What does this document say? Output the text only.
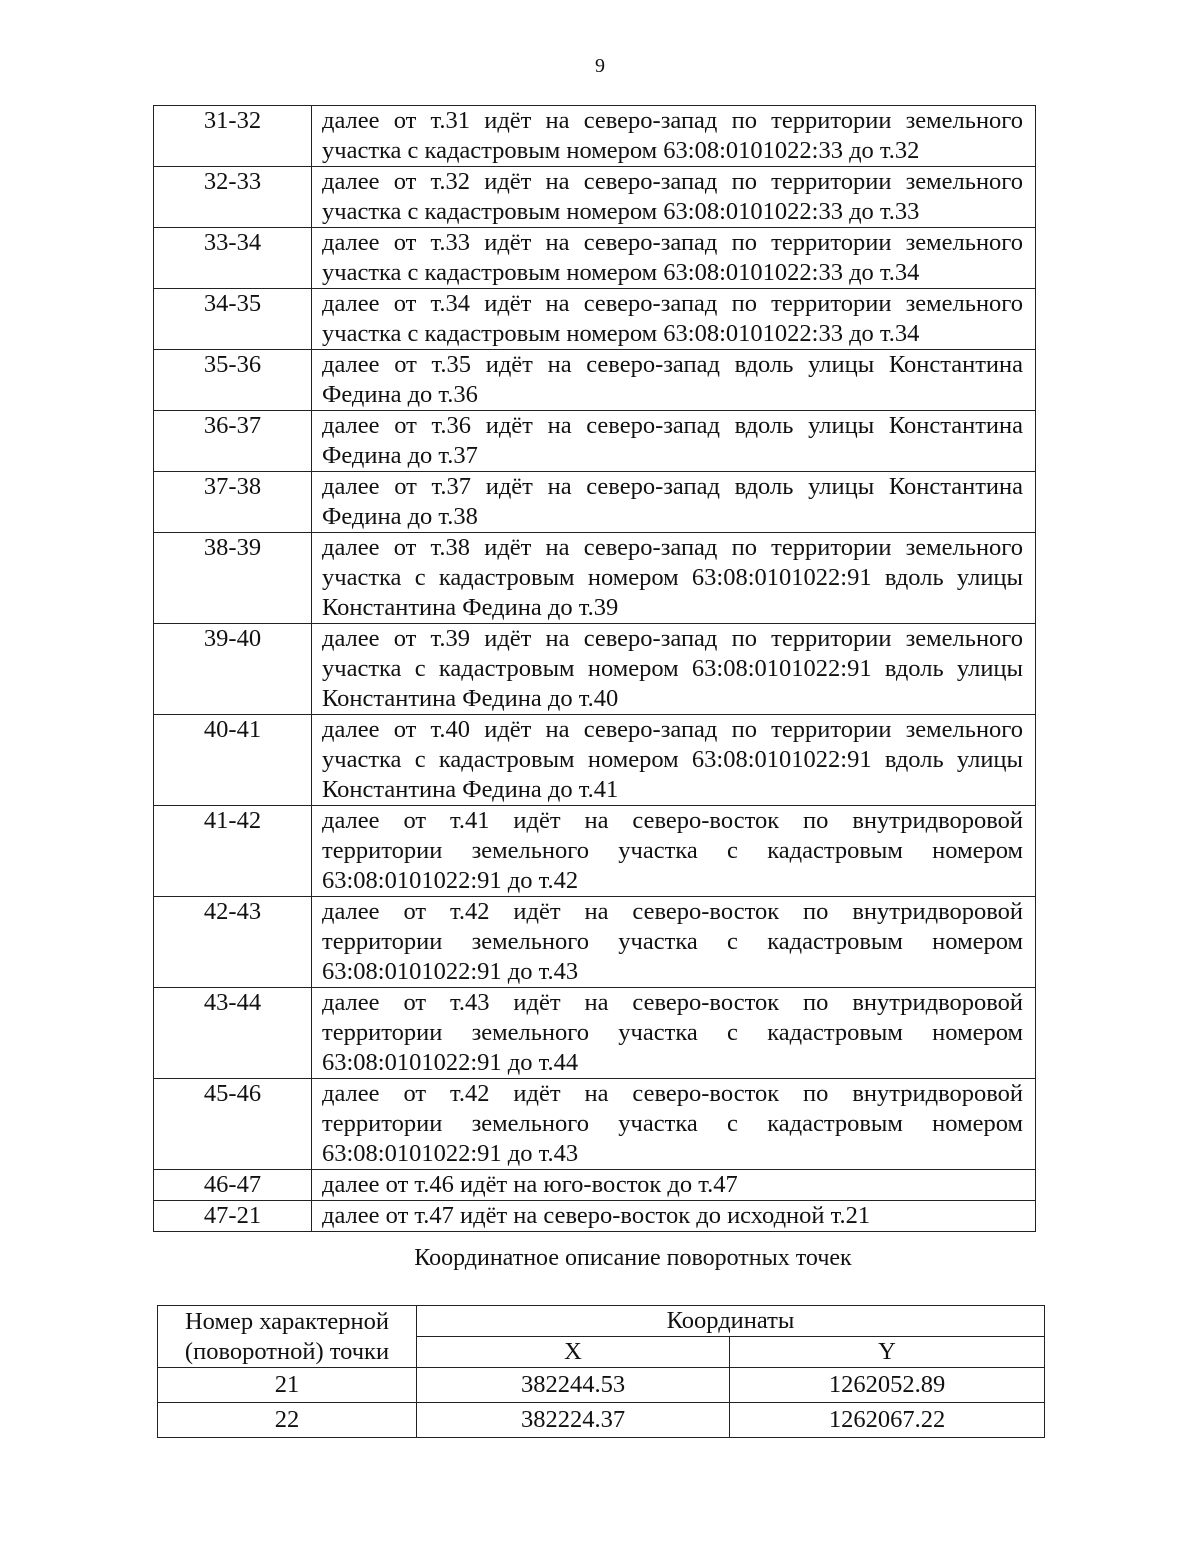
9
31-32	далее от т.31 идёт на северо-запад по территории земельного участка с кадастровым номером 63:08:0101022:33 до т.32
32-33	далее от т.32 идёт на северо-запад по территории земельного участка с кадастровым номером 63:08:0101022:33 до т.33
33-34	далее от т.33 идёт на северо-запад по территории земельного участка с кадастровым номером 63:08:0101022:33 до т.34
34-35	далее от т.34 идёт на северо-запад по территории земельного участка с кадастровым номером 63:08:0101022:33 до т.34
35-36	далее от т.35 идёт на северо-запад вдоль улицы Константина Федина до т.36
36-37	далее от т.36 идёт на северо-запад вдоль улицы Константина Федина до т.37
37-38	далее от т.37 идёт на северо-запад вдоль улицы Константина Федина до т.38
38-39	далее от т.38 идёт на северо-запад по территории земельного участка с кадастровым номером 63:08:0101022:91 вдоль улицы Константина Федина до т.39
39-40	далее от т.39 идёт на северо-запад по территории земельного участка с кадастровым номером 63:08:0101022:91 вдоль улицы Константина Федина до т.40
40-41	далее от т.40 идёт на северо-запад по территории земельного участка с кадастровым номером 63:08:0101022:91 вдоль улицы Константина Федина до т.41
41-42	далее от т.41 идёт на северо-восток по внутридворовой территории земельного участка с кадастровым номером 63:08:0101022:91 до т.42
42-43	далее от т.42 идёт на северо-восток по внутридворовой территории земельного участка с кадастровым номером 63:08:0101022:91 до т.43
43-44	далее от т.43 идёт на северо-восток по внутридворовой территории земельного участка с кадастровым номером 63:08:0101022:91 до т.44
45-46	далее от т.42 идёт на северо-восток по внутридворовой территории земельного участка с кадастровым номером 63:08:0101022:91 до т.43
46-47	далее от т.46 идёт на юго-восток до т.47
47-21	далее от т.47 идёт на северо-восток до исходной т.21
Координатное описание поворотных точек
Номер характерной (поворотной) точки	Координаты	
	X	Y
21	382244.53	1262052.89
22	382224.37	1262067.22
